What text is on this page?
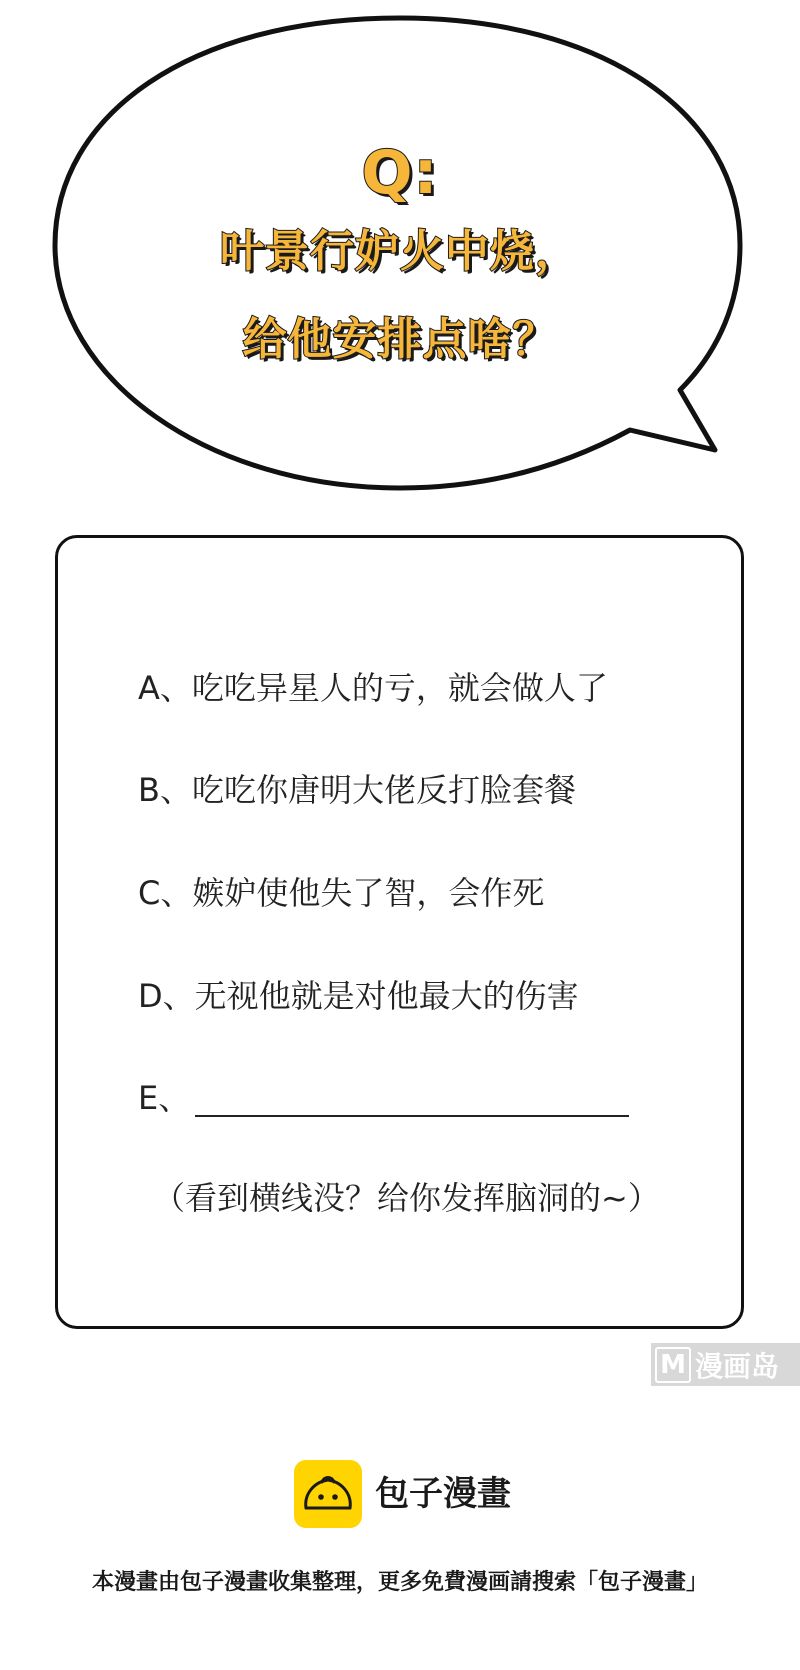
Q:
叶景行妒火中烧，
给他安排点啥？
A、吃吃异星人的亏，就会做人了
B、吃吃你唐明大佬反打脸套餐
C、嫉妒使他失了智，会作死
D、无视他就是对他最大的伤害
E、
（看到横线没？给你发挥脑洞的~）
M 漫画岛
包子漫畫
本漫畫由包子漫畫收集整理，更多免費漫画請搜索「包子漫畫」
